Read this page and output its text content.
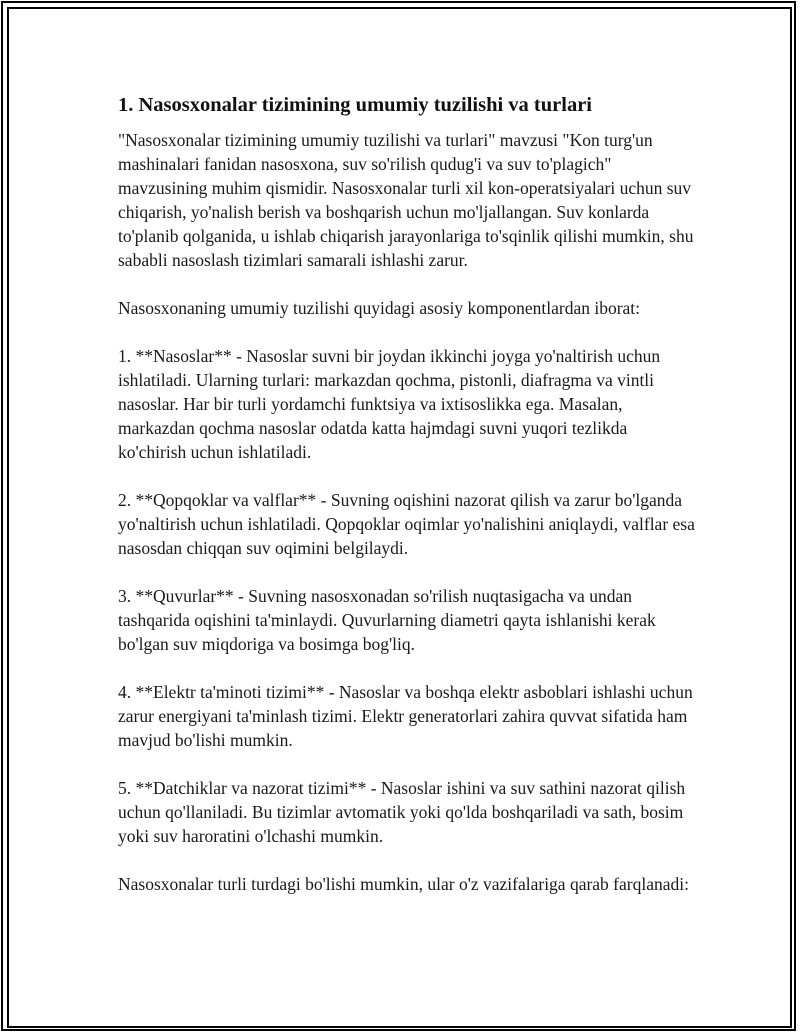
1. Nasosxonalar tizimining umumiy tuzilishi va turlari

"Nasosxonalar tizimining umumiy tuzilishi va turlari" mavzusi "Kon turg'un mashinalari fanidan nasosxona, suv so'rilish qudug'i va suv to'plagich" mavzusining muhim qismidir. Nasosxonalar turli xil kon-operatsiyalari uchun suv chiqarish, yo'nalish berish va boshqarish uchun mo'ljallangan. Suv konlarda to'planib qolganida, u ishlab chiqarish jarayonlariga to'sqinlik qilishi mumkin, shu sababli nasoslash tizimlari samarali ishlashi zarur.

Nasosxonaning umumiy tuzilishi quyidagi asosiy komponentlardan iborat:

1. **Nasoslar** - Nasoslar suvni bir joydan ikkinchi joyga yo'naltirish uchun ishlatiladi. Ularning turlari: markazdan qochma, pistonli, diafragma va vintli nasoslar. Har bir turli yordamchi funktsiya va ixtisoslikka ega. Masalan, markazdan qochma nasoslar odatda katta hajmdagi suvni yuqori tezlikda ko'chirish uchun ishlatiladi.

2. **Qopqoklar va valflar** - Suvning oqishini nazorat qilish va zarur bo'lganda yo'naltirish uchun ishlatiladi. Qopqoklar oqimlar yo'nalishini aniqlaydi, valflar esa nasosdan chiqqan suv oqimini belgilaydi.

3. **Quvurlar** - Suvning nasosxonadan so'rilish nuqtasigacha va undan tashqarida oqishini ta'minlaydi. Quvurlarning diametri qayta ishlanishi kerak bo'lgan suv miqdoriga va bosimga bog'liq.

4. **Elektr ta'minoti tizimi** - Nasoslar va boshqa elektr asboblari ishlashi uchun zarur energiyani ta'minlash tizimi. Elektr generatorlari zahira quvvat sifatida ham mavjud bo'lishi mumkin.

5. **Datchiklar va nazorat tizimi** - Nasoslar ishini va suv sathini nazorat qilish uchun qo'llaniladi. Bu tizimlar avtomatik yoki qo'lda boshqariladi va sath, bosim yoki suv haroratini o'lchashi mumkin.

Nasosxonalar turli turdagi bo'lishi mumkin, ular o'z vazifalariga qarab farqlanadi:
